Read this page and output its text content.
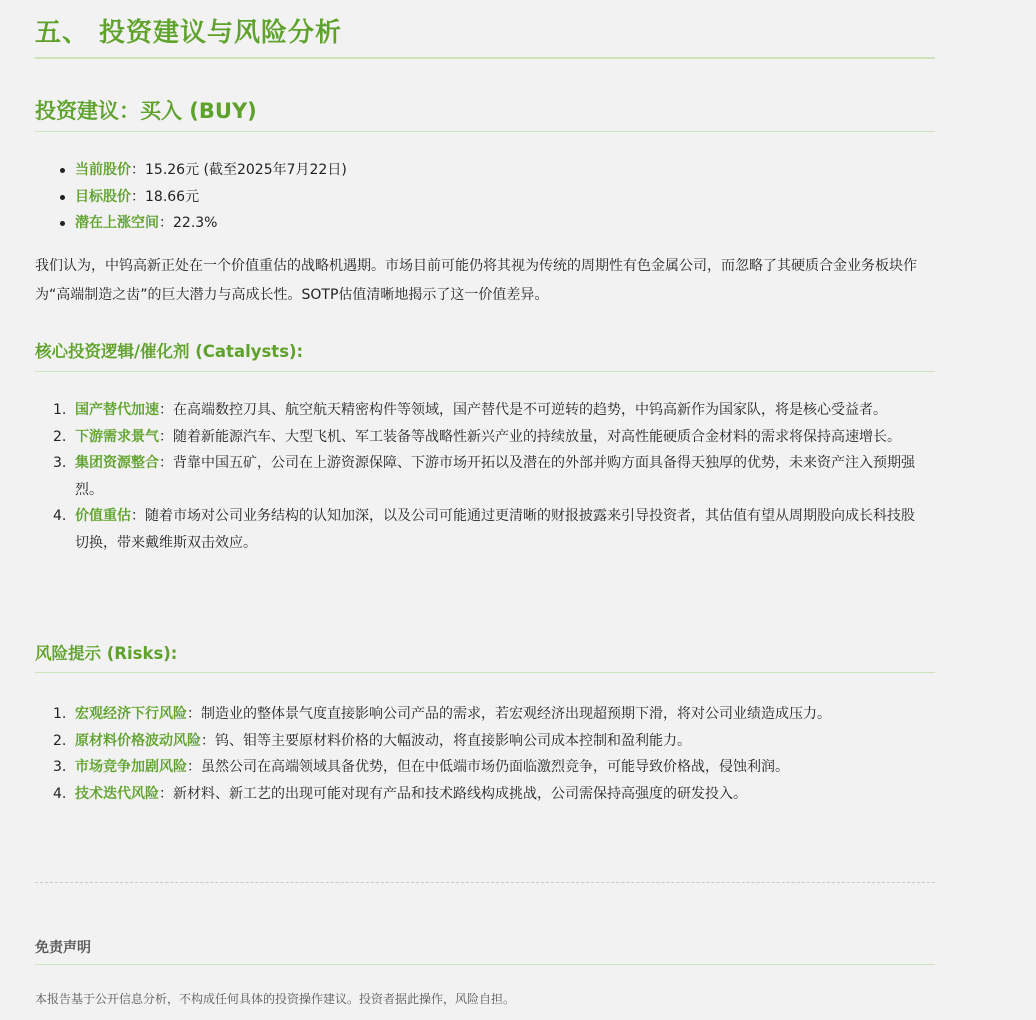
五、 投资建议与风险分析
投资建议：买入 (BUY)
当前股价：15.26元 (截至2025年7月22日)
目标股价：18.66元
潜在上涨空间：22.3%

我们认为，中钨高新正处在一个价值重估的战略机遇期。市场目前可能仍将其视为传统的周期性有色金属公司，而忽略了其硬质合金业务板块作为“高端制造之齿”的巨大潜力与高成长性。SOTP估值清晰地揭示了这一价值差异。

核心投资逻辑/催化剂 (Catalysts):
1. 国产替代加速：在高端数控刀具、航空航天精密构件等领域，国产替代是不可逆转的趋势，中钨高新作为国家队，将是核心受益者。
2. 下游需求景气：随着新能源汽车、大型飞机、军工装备等战略性新兴产业的持续放量，对高性能硬质合金材料的需求将保持高速增长。
3. 集团资源整合：背靠中国五矿，公司在上游资源保障、下游市场开拓以及潜在的外部并购方面具备得天独厚的优势，未来资产注入预期强烈。
4. 价值重估：随着市场对公司业务结构的认知加深，以及公司可能通过更清晰的财报披露来引导投资者，其估值有望从周期股向成长科技股切换，带来戴维斯双击效应。
风险提示 (Risks):
1. 宏观经济下行风险：制造业的整体景气度直接影响公司产品的需求，若宏观经济出现超预期下滑，将对公司业绩造成压力。
2. 原材料价格波动风险：钨、钼等主要原材料价格的大幅波动，将直接影响公司成本控制和盈利能力。
3. 市场竞争加剧风险：虽然公司在高端领域具备优势，但在中低端市场仍面临激烈竞争，可能导致价格战，侵蚀利润。
4. 技术迭代风险：新材料、新工艺的出现可能对现有产品和技术路线构成挑战，公司需保持高强度的研发投入。
免责声明

本报告基于公开信息分析，不构成任何具体的投资操作建议。投资者据此操作，风险自担。
